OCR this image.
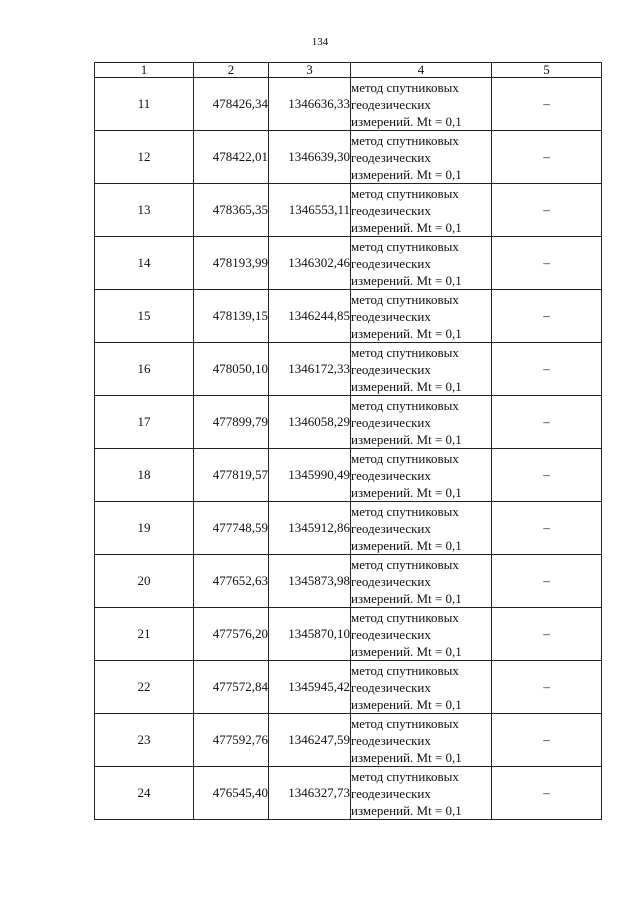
134
1	2	3	4	5
11	478426,34	1346636,33	метод спутниковых
геодезических
измерений. Mt = 0,1	–
12	478422,01	1346639,30	метод спутниковых
геодезических
измерений. Mt = 0,1	–
13	478365,35	1346553,11	метод спутниковых
геодезических
измерений. Mt = 0,1	–
14	478193,99	1346302,46	метод спутниковых
геодезических
измерений. Mt = 0,1	–
15	478139,15	1346244,85	метод спутниковых
геодезических
измерений. Mt = 0,1	–
16	478050,10	1346172,33	метод спутниковых
геодезических
измерений. Mt = 0,1	–
17	477899,79	1346058,29	метод спутниковых
геодезических
измерений. Mt = 0,1	–
18	477819,57	1345990,49	метод спутниковых
геодезических
измерений. Mt = 0,1	–
19	477748,59	1345912,86	метод спутниковых
геодезических
измерений. Mt = 0,1	–
20	477652,63	1345873,98	метод спутниковых
геодезических
измерений. Mt = 0,1	–
21	477576,20	1345870,10	метод спутниковых
геодезических
измерений. Mt = 0,1	–
22	477572,84	1345945,42	метод спутниковых
геодезических
измерений. Mt = 0,1	–
23	477592,76	1346247,59	метод спутниковых
геодезических
измерений. Mt = 0,1	–
24	476545,40	1346327,73	метод спутниковых
геодезических
измерений. Mt = 0,1	–
